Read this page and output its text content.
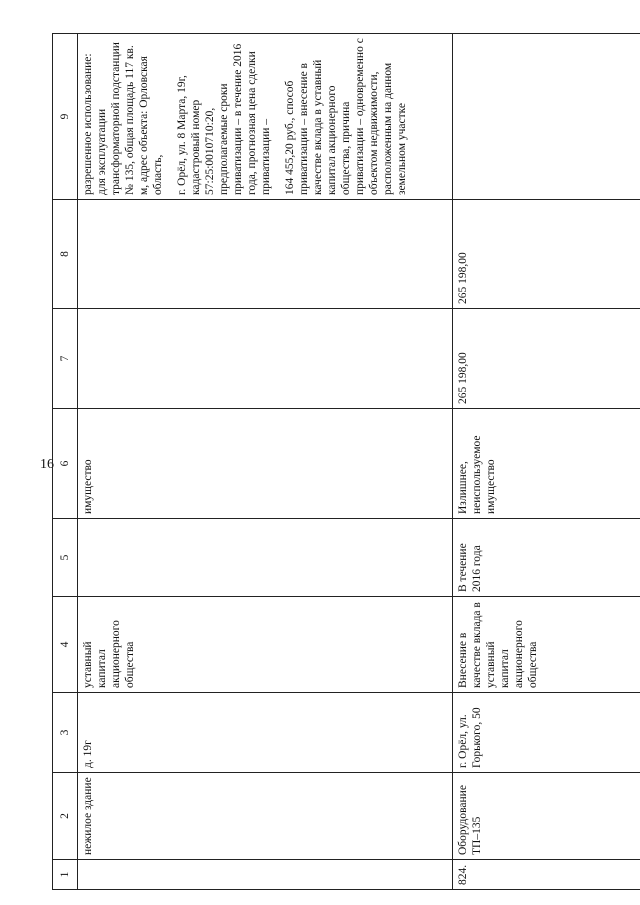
16
1	2	3	4	5	6	7	8	9
	нежилое здание	д. 19г	уставный капитал акционерного общества		имущество			разрешенное использование: для эксплуатации трансформаторной подстанции № 135, общая площадь 117 кв. м, адрес объекта: Орловская область, г. Орёл, ул. 8 Марта, 19г, кадастровый номер 57:25:0010710:20, предполагаемые сроки приватизации – в течение 2016 года, прогнозная цена сделки приватизации – 164 455,20 руб., способ приватизации – внесение в качестве вклада в уставный капитал акционерного общества, причина приватизации – одновременно с объектом недвижимости, расположенным на данном земельном участке

824.	Оборудование ТП–135	г. Орёл, ул. Горького, 50	Внесение в качестве вклада в уставный капитал акционерного общества	В течение 2016 года	Излишнее, неиспользуемое имущество	265 198,00	265 198,00	
